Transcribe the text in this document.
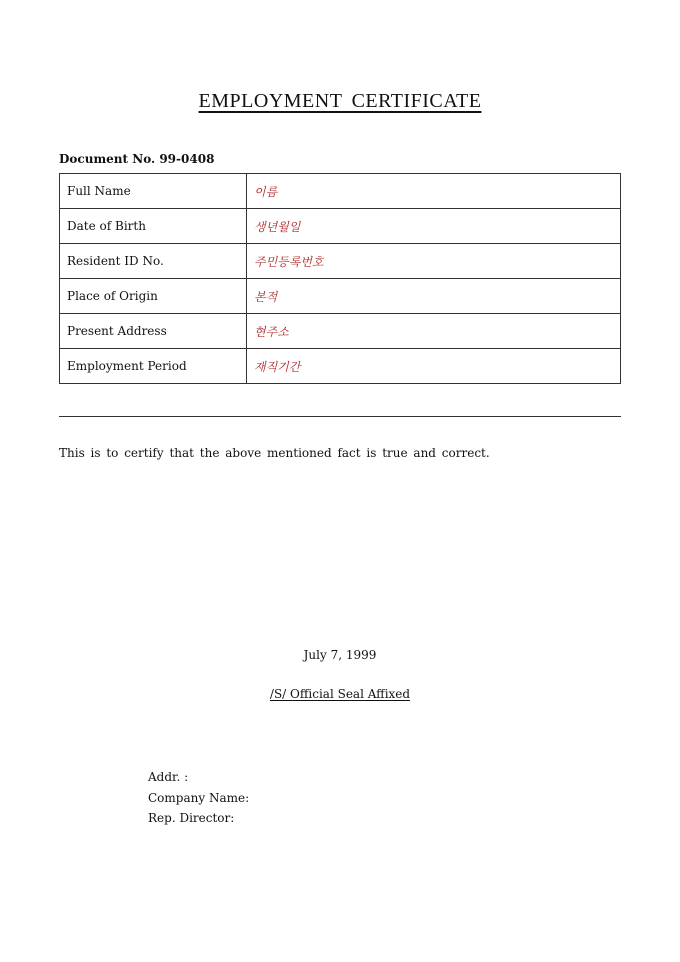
EMPLOYMENT CERTIFICATE
Document No. 99-0408
Full Name	이름
Date of Birth	생년월일
Resident ID No.	주민등록번호
Place of Origin	본적
Present Address	현주소
Employment Period	재직기간
This is to certify that the above mentioned fact is true and correct.
July 7, 1999
/S/ Official Seal Affixed
Addr. :
Company Name:
Rep. Director:
